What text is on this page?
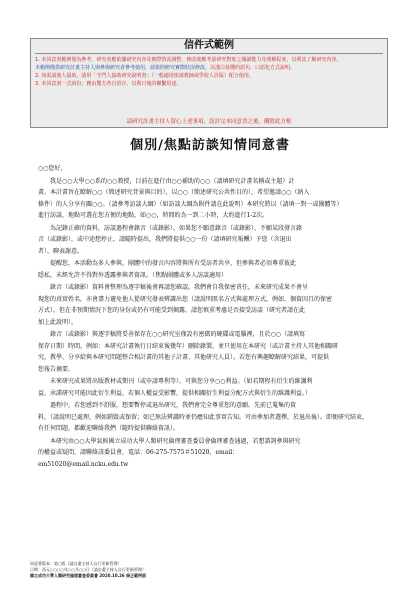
信件式範例
1. 本同意書範例僅為參考，研究者應依據研究內容及實際情況調整，修改後應考量研究對象之閱讀能力及理解程度，以利其了解研究內容。
本範例僅供研究計畫主持人與參與研究者參考使用，請依照研究實際狀況修改，以淺白易懂的語句、口語化方式說明。
2. 如需請他人協助，請用「守門人協助研究說明書」（一般適用座談教師或學校人員版）配合使用。
3. 本同意書一式兩份，務由雙方各自留存，以利日後的聯繫用途。
請研究計畫主持人留心上述事項，設計完本同意書之後，刪除此方框
個別/焦點訪談知情同意書
○○您好，
　　我是○○大學○○系的○○教授，目前在進行由○○補助的○○（請填研究計畫名稱或主題）計
畫。本計畫旨在瞭解○○（簡述研究背景與目的），以○○（簡述研究公共性目的），希望邀請○○（納入
條件）的人分享有關○○。（請參考訪談大綱）（如訪談大綱為附件請在此說明）本研究將以（請填一對一或團體等）
進行訪談，地點可選在您方便的地點，如○○，時間約為一到二小時，大約進行1-2次。
　　為記錄正確的資料，訪談過程會錄音（或錄影），如果您不願意錄音（或錄影）、不願某段發言錄
音（或錄影），或中途想停止，請隨時提出，我們將提供○○一份（請填研究報酬）予您（含退出
者），聊表謝意。
　　提醒您，本活動為多人參與，團體中的發言內容將與所有受訪者共享，但參與者必須尊重彼此
隱私，未經允許不得對外透露參與者資訊。（焦點團體或多人訪談適用）
　　錄音（或錄影）資料會整理為逐字稿後會再請您確認，我們會自我保密責任，未來研究成果不會呈
現您的真實姓名，亦會盡力避免他人從研究發表辨識出您（請說明匿名方式與處理方式，例如，個資因且的保密
方式）。但在非預期情況下您的身份或仍有可能受到揭露，請您慎重考慮是否接受訪談（研究者請在此
加上此說明）。
　　錄音（或錄影）與逐字稿將妥善保存在○○研究室僅設有密碼的硬碟或電腦裡，且於○○（請填寫
保存日期）時間，例如：本研究計畫執行日結束後幾年）刪除錄製，並只使用在本研究（或計畫主持人其他相關研
究，教學、分享給與本研究問題整合相計畫的其他子計畫、其他研究人員）。若您有興趣瞭解研究結果，可提供
您報告摘要。
　　未來研究成果將出版教材或期刊（或申請專利等），可與您分享○○利益。（如若期程有衍生的維護利
益、承諾研究可能因此衍生利益，若個人權益受影響，提供相關衍生利益分配方式與衍生的維護利益。）
　　過程中，若您感到不舒服，想要暫停或退出研究，我們會完全尊重您的意願。先前已蒐集的資
料，（請說明已處理，例如銷毀或保留；如已無法辨識時並仍應知此事實告知。可由參加者選擇，於退出後）。即便研究結束，
有任何問題，都歡迎聯絡我們（隨時提供聯絡資訊）。
　　本研究由○○大學氣候國立成功大學人類研究倫理審查委員會倫理審查通過，若想諮詢參與研究
的權益或疑問，請聯絡該委員會，電話：06-275-7575＃51020，email：
em51020@email.ncku.edu.tw
同意書版本：第○版（請計畫主持人自行更新管理）
日期：西元○○○○年○○月○○日（請計畫主持人自行更新管理）
國立成功大學人類研究倫理審查委員會 2020.10.26 修正範例版
